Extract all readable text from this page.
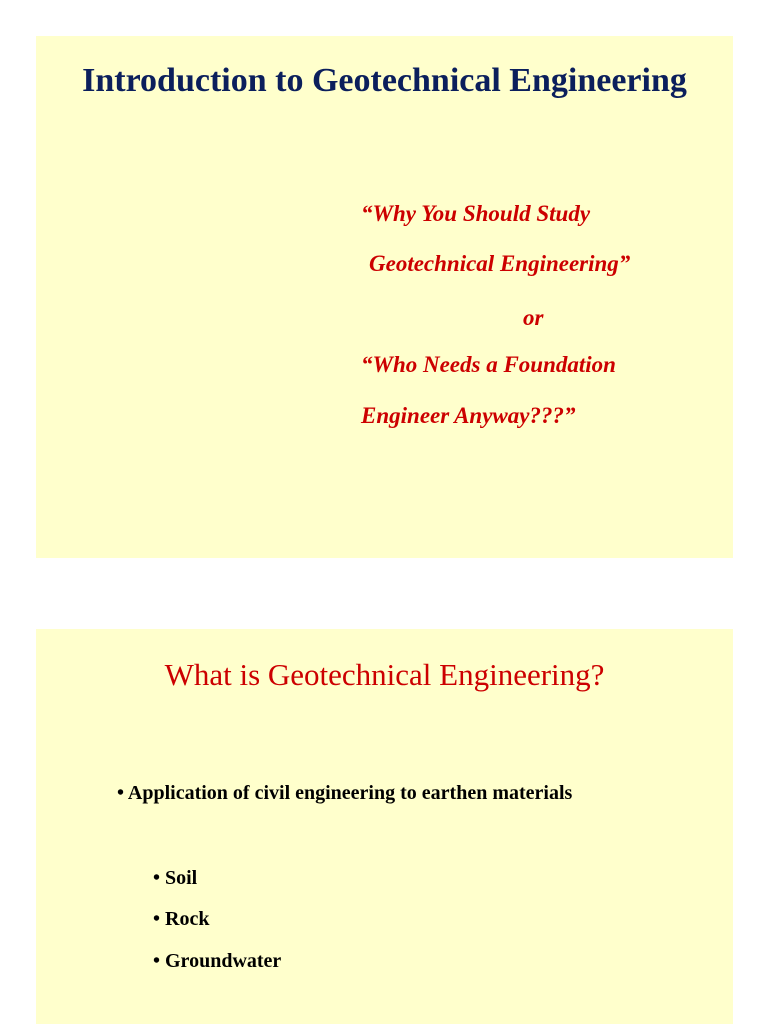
Introduction to Geotechnical Engineering
“Why You Should Study
Geotechnical Engineering”
or
“Who Needs a Foundation
Engineer Anyway???”
What is Geotechnical Engineering?
• Application of civil engineering to earthen materials
• Soil
• Rock
• Groundwater
